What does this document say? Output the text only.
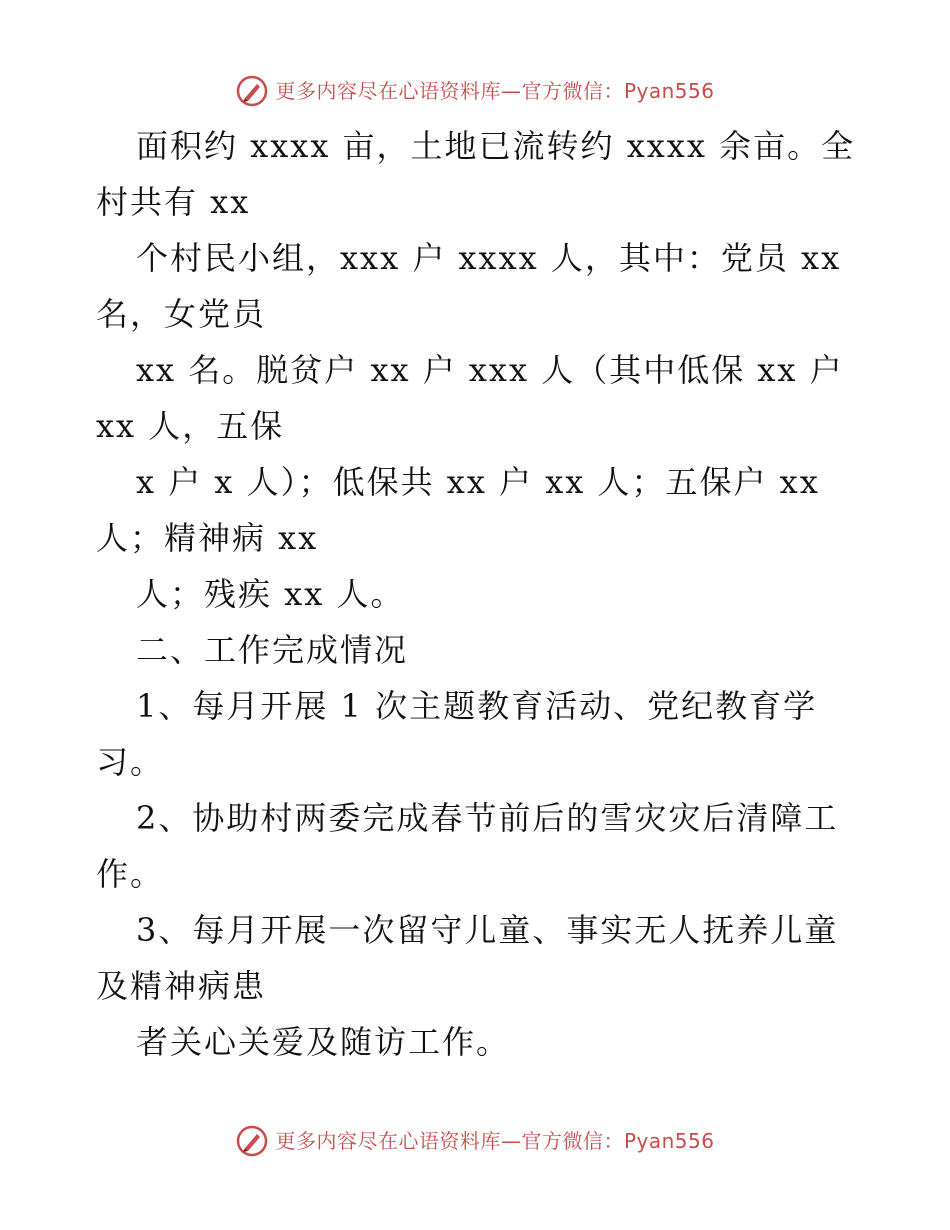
更多内容尽在心语资料库—官方微信：Pyan556
面积约 xxxx 亩，土地已流转约 xxxx 余亩。全
村共有 xx
个村民小组，xxx 户 xxxx 人，其中：党员 xx
名，女党员
xx 名。脱贫户 xx 户 xxx 人（其中低保 xx 户
xx 人，五保
x 户 x 人）；低保共 xx 户 xx 人；五保户 xx
人；精神病 xx
人；残疾 xx 人。
二、工作完成情况
1、每月开展 1 次主题教育活动、党纪教育学
习。
2、协助村两委完成春节前后的雪灾灾后清障工
作。
3、每月开展一次留守儿童、事实无人抚养儿童
及精神病患
者关心关爱及随访工作。
更多内容尽在心语资料库—官方微信：Pyan556
